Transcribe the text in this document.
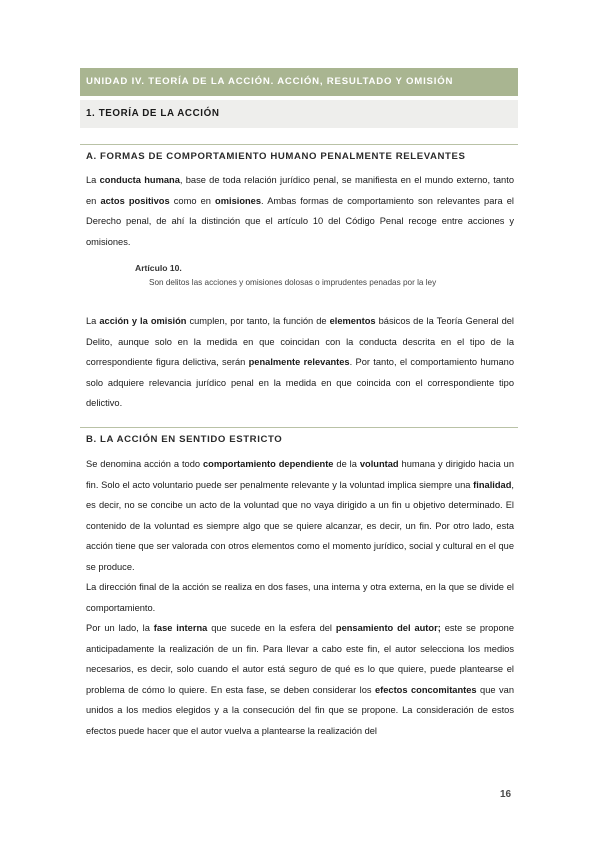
UNIDAD IV. TEORÍA DE LA ACCIÓN. ACCIÓN, RESULTADO Y OMISIÓN
1. TEORÍA DE LA ACCIÓN
A. FORMAS DE COMPORTAMIENTO HUMANO PENALMENTE RELEVANTES

La conducta humana, base de toda relación jurídico penal, se manifiesta en el mundo externo, tanto en actos positivos como en omisiones. Ambas formas de comportamiento son relevantes para el Derecho penal, de ahí la distinción que el artículo 10 del Código Penal recoge entre acciones y omisiones.

Artículo 10.
Son delitos las acciones y omisiones dolosas o imprudentes penadas por la ley

La acción y la omisión cumplen, por tanto, la función de elementos básicos de la Teoría General del Delito, aunque solo en la medida en que coincidan con la conducta descrita en el tipo de la correspondiente figura delictiva, serán penalmente relevantes. Por tanto, el comportamiento humano solo adquiere relevancia jurídico penal en la medida en que coincida con el correspondiente tipo delictivo.

B. LA ACCIÓN EN SENTIDO ESTRICTO

Se denomina acción a todo comportamiento dependiente de la voluntad humana y dirigido hacia un fin. Solo el acto voluntario puede ser penalmente relevante y la voluntad implica siempre una finalidad, es decir, no se concibe un acto de la voluntad que no vaya dirigido a un fin u objetivo determinado. El contenido de la voluntad es siempre algo que se quiere alcanzar, es decir, un fin. Por otro lado, esta acción tiene que ser valorada con otros elementos como el momento jurídico, social y cultural en el que se produce.

La dirección final de la acción se realiza en dos fases, una interna y otra externa, en la que se divide el comportamiento.

Por un lado, la fase interna que sucede en la esfera del pensamiento del autor; este se propone anticipadamente la realización de un fin. Para llevar a cabo este fin, el autor selecciona los medios necesarios, es decir, solo cuando el autor está seguro de qué es lo que quiere, puede plantearse el problema de cómo lo quiere. En esta fase, se deben considerar los efectos concomitantes que van unidos a los medios elegidos y a la consecución del fin que se propone. La consideración de estos efectos puede hacer que el autor vuelva a plantearse la realización del

16
